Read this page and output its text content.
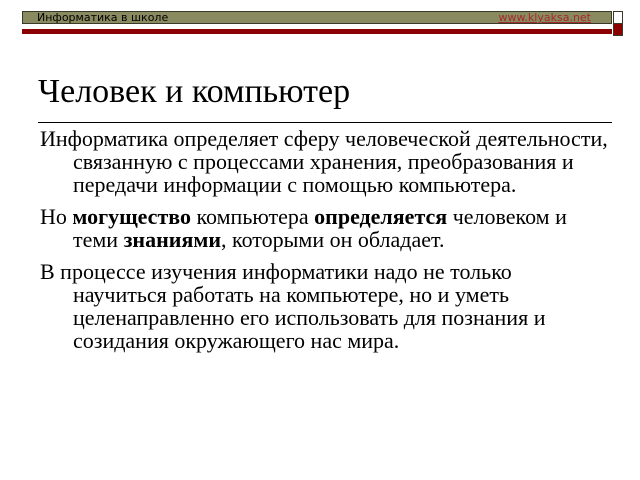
Информатика в школе	www.klyaksa.net
Человек и компьютер

Информатика определяет сферу человеческой деятельности, связанную с процессами хранения, преобразования и передачи информации с помощью компьютера.

Но могущество компьютера определяется человеком и теми знаниями, которыми он обладает.

В процессе изучения информатики надо не только научиться работать на компьютере, но и уметь целенаправленно его использовать для познания и созидания окружающего нас мира.
